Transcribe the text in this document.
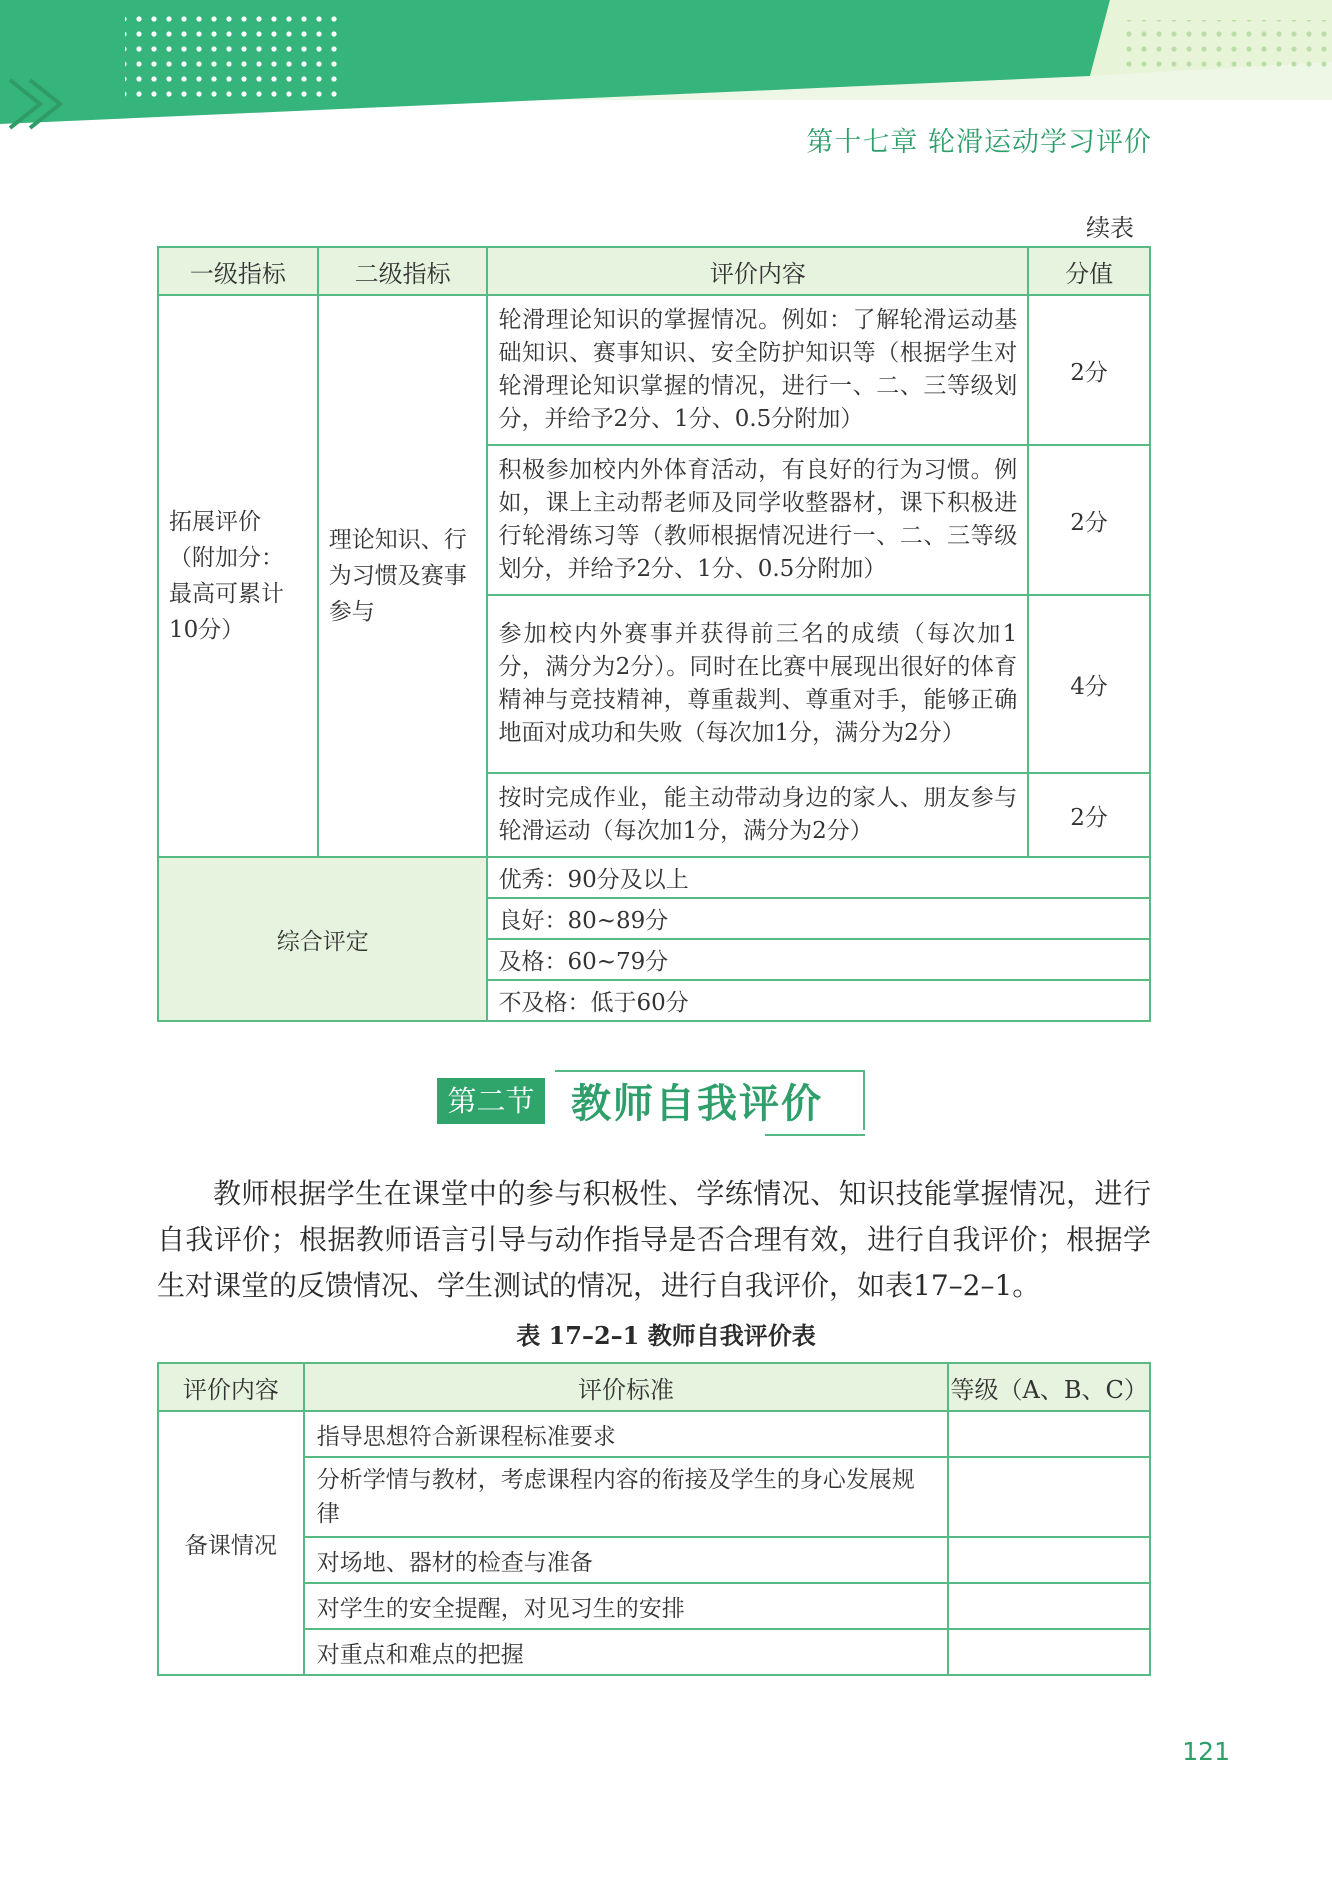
第十七章 轮滑运动学习评价
续表
一级指标	二级指标	评价内容	分值
拓展评价（附加分：最高可累计10分）	理论知识、行为习惯及赛事参与	轮滑理论知识的掌握情况。例如：了解轮滑运动基础知识、赛事知识、安全防护知识等（根据学生对轮滑理论知识掌握的情况，进行一、二、三等级划分，并给予2分、1分、0.5分附加）	2分
		积极参加校内外体育活动，有良好的行为习惯。例如，课上主动帮老师及同学收整器材，课下积极进行轮滑练习等（教师根据情况进行一、二、三等级划分，并给予2分、1分、0.5分附加）	2分
		参加校内外赛事并获得前三名的成绩（每次加1分，满分为2分）。同时在比赛中展现出很好的体育精神与竞技精神，尊重裁判、尊重对手，能够正确地面对成功和失败（每次加1分，满分为2分）	4分
		按时完成作业，能主动带动身边的家人、朋友参与轮滑运动（每次加1分，满分为2分）	2分
综合评定		优秀：90分及以上	
		良好：80~89分	
		及格：60~79分	
		不及格：低于60分	
第二节 教师自我评价
教师根据学生在课堂中的参与积极性、学练情况、知识技能掌握情况，进行自我评价；根据教师语言引导与动作指导是否合理有效，进行自我评价；根据学生对课堂的反馈情况、学生测试的情况，进行自我评价，如表17–2–1。
表 17–2–1 教师自我评价表
评价内容	评价标准	等级（A、B、C）
备课情况	指导思想符合新课程标准要求	
	分析学情与教材，考虑课程内容的衔接及学生的身心发展规律	
	对场地、器材的检查与准备	
	对学生的安全提醒，对见习生的安排	
	对重点和难点的把握	
121
